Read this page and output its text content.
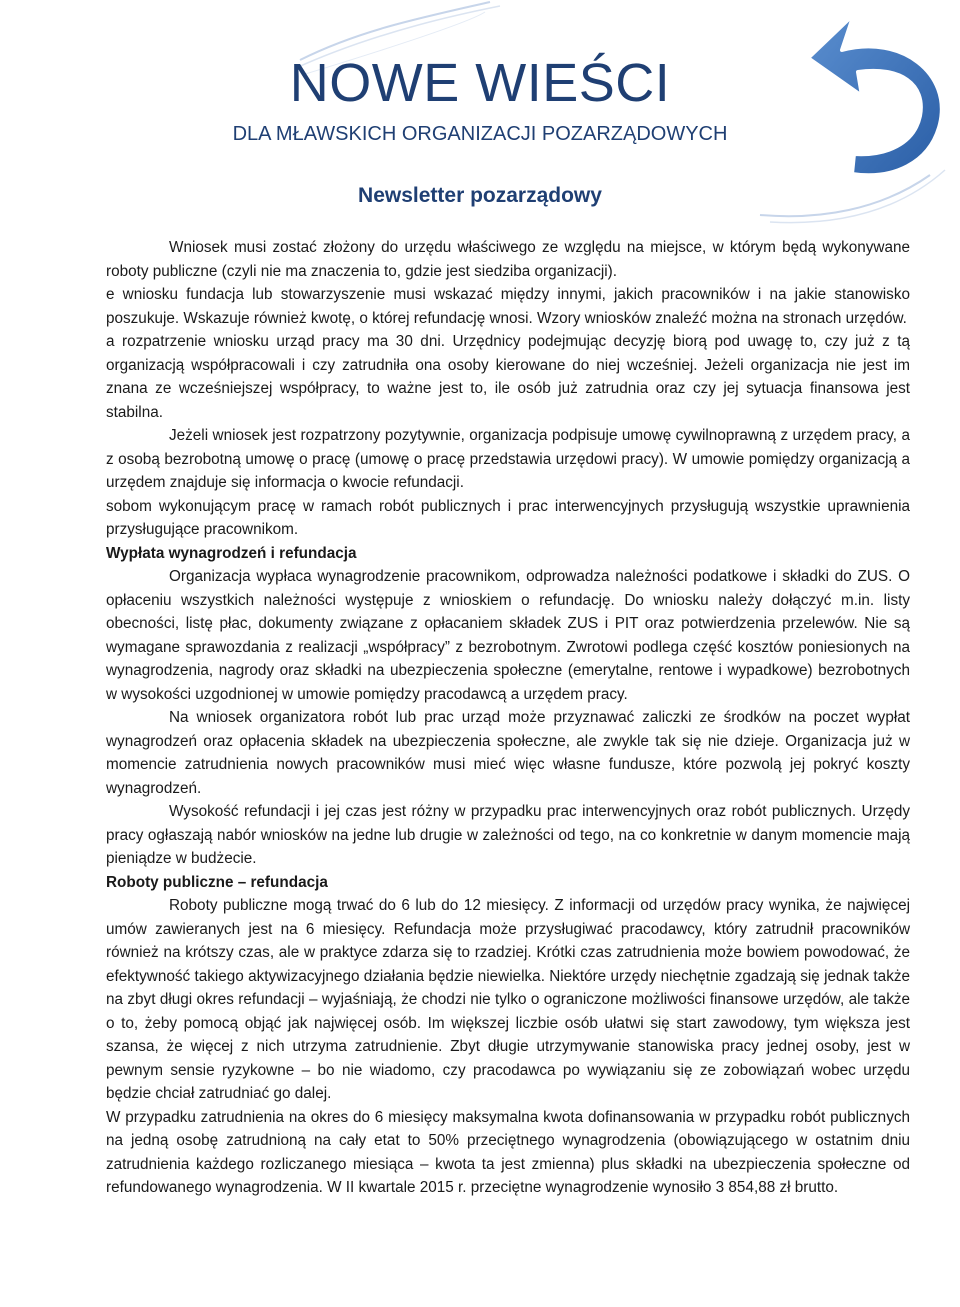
NOWE WIEŚCI
DLA MŁAWSKICH ORGANIZACJI POZARZĄDOWYCH
Newsletter pozarządowy

Wniosek musi zostać złożony do urzędu właściwego ze względu na miejsce, w którym będą wykonywane roboty publiczne (czyli nie ma znaczenia to, gdzie jest siedziba organizacji).

e wniosku fundacja lub stowarzyszenie musi wskazać między innymi, jakich pracowników i na jakie stanowisko poszukuje. Wskazuje również kwotę, o której refundację wnosi. Wzory wniosków znaleźć można na stronach urzędów.

a rozpatrzenie wniosku urząd pracy ma 30 dni. Urzędnicy podejmując decyzję biorą pod uwagę to, czy już z tą organizacją współpracowali i czy zatrudniła ona osoby kierowane do niej wcześniej. Jeżeli organizacja nie jest im znana ze wcześniejszej współpracy, to ważne jest to, ile osób już zatrudnia oraz czy jej sytuacja finansowa jest stabilna.

Jeżeli wniosek jest rozpatrzony pozytywnie, organizacja podpisuje umowę cywilnoprawną z urzędem pracy, a z osobą bezrobotną umowę o pracę (umowę o pracę przedstawia urzędowi pracy). W umowie pomiędzy organizacją a urzędem znajduje się informacja o kwocie refundacji.

sobom wykonującym pracę w ramach robót publicznych i prac interwencyjnych przysługują wszystkie uprawnienia przysługujące pracownikom.

Wypłata wynagrodzeń i refundacja

Organizacja wypłaca wynagrodzenie pracownikom, odprowadza należności podatkowe i składki do ZUS. O opłaceniu wszystkich należności występuje z wnioskiem o refundację. Do wniosku należy dołączyć m.in. listy obecności, listę płac, dokumenty związane z opłacaniem składek ZUS i PIT oraz potwierdzenia przelewów. Nie są wymagane sprawozdania z realizacji „współpracy” z bezrobotnym. Zwrotowi podlega część kosztów poniesionych na wynagrodzenia, nagrody oraz składki na ubezpieczenia społeczne (emerytalne, rentowe i wypadkowe) bezrobotnych w wysokości uzgodnionej w umowie pomiędzy pracodawcą a urzędem pracy.

Na wniosek organizatora robót lub prac urząd może przyznawać zaliczki ze środków na poczet wypłat wynagrodzeń oraz opłacenia składek na ubezpieczenia społeczne, ale zwykle tak się nie dzieje. Organizacja już w momencie zatrudnienia nowych pracowników musi mieć więc własne fundusze, które pozwolą jej pokryć koszty wynagrodzeń.

Wysokość refundacji i jej czas jest różny w przypadku prac interwencyjnych oraz robót publicznych. Urzędy pracy ogłaszają nabór wniosków na jedne lub drugie w zależności od tego, na co konkretnie w danym momencie mają pieniądze w budżecie.

Roboty publiczne – refundacja

Roboty publiczne mogą trwać do 6 lub do 12 miesięcy. Z informacji od urzędów pracy wynika, że najwięcej umów zawieranych jest na 6 miesięcy. Refundacja może przysługiwać pracodawcy, który zatrudnił pracowników również na krótszy czas, ale w praktyce zdarza się to rzadziej. Krótki czas zatrudnienia może bowiem powodować, że efektywność takiego aktywizacyjnego działania będzie niewielka. Niektóre urzędy niechętnie zgadzają się jednak także na zbyt długi okres refundacji – wyjaśniają, że chodzi nie tylko o ograniczone możliwości finansowe urzędów, ale także o to, żeby pomocą objąć jak najwięcej osób. Im większej liczbie osób ułatwi się start zawodowy, tym większa jest szansa, że więcej z nich utrzyma zatrudnienie. Zbyt długie utrzymywanie stanowiska pracy jednej osoby, jest w pewnym sensie ryzykowne – bo nie wiadomo, czy pracodawca po wywiązaniu się ze zobowiązań wobec urzędu będzie chciał zatrudniać go dalej.

W przypadku zatrudnienia na okres do 6 miesięcy maksymalna kwota dofinansowania w przypadku robót publicznych na jedną osobę zatrudnioną na cały etat to 50% przeciętnego wynagrodzenia (obowiązującego w ostatnim dniu zatrudnienia każdego rozliczanego miesiąca – kwota ta jest zmienna) plus składki na ubezpieczenia społeczne od refundowanego wynagrodzenia. W II kwartale 2015 r. przeciętne wynagrodzenie wynosiło 3 854,88 zł brutto.
